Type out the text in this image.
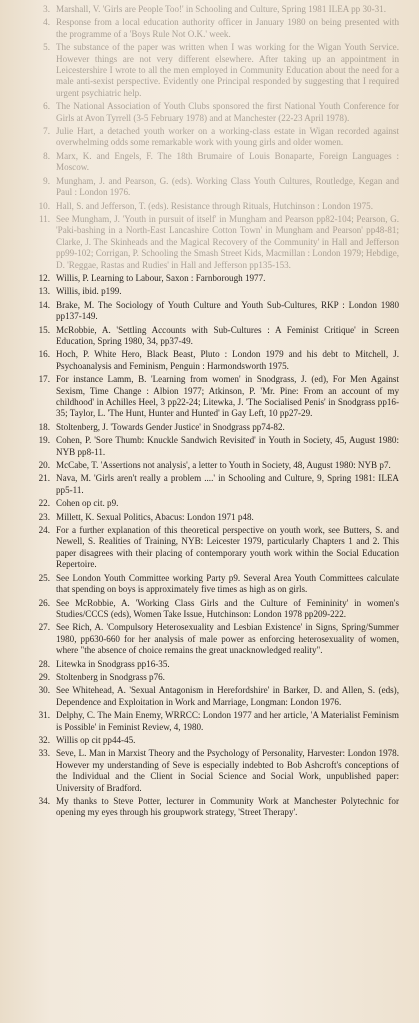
3. Marshall, V. 'Girls are People Too!' in Schooling and Culture, Spring 1981 ILEA pp 30-31.
4. Response from a local education authority officer in January 1980 on being presented with the programme of a 'Boys Rule Not O.K.' week.
5. The substance of the paper was written when I was working for the Wigan Youth Service. However things are not very different elsewhere. After taking up an appointment in Leicestershire I wrote to all the men employed in Community Education about the need for a male anti-sexist perspective. Evidently one Principal responded by suggesting that I required urgent psychiatric help.
6. The National Association of Youth Clubs sponsored the first National Youth Conference for Girls at Avon Tyrrell (3-5 February 1978) and at Manchester (22-23 April 1978).
7. Julie Hart, a detached youth worker on a working-class estate in Wigan recorded against overwhelming odds some remarkable work with young girls and older women.
8. Marx, K. and Engels, F. The 18th Brumaire of Louis Bonaparte, Foreign Languages : Moscow.
9. Mungham, J. and Pearson, G. (eds). Working Class Youth Cultures, Routledge, Kegan and Paul : London 1976.
10. Hall, S. and Jefferson, T. (eds). Resistance through Rituals, Hutchinson : London 1975.
11. See Mungham, J. 'Youth in pursuit of itself' in Mungham and Pearson pp82-104; Pearson, G. 'Paki-bashing in a North-East Lancashire Cotton Town' in Mungham and Pearson' pp48-81; Clarke, J. The Skinheads and the Magical Recovery of the Community' in Hall and Jefferson pp99-102; Corrigan, P. Schooling the Smash Street Kids, Macmillan : London 1979; Hebdige, D. 'Reggae, Rastas and Rudies' in Hall and Jefferson pp135-153.
12. Willis, P. Learning to Labour, Saxon : Farnborough 1977.
13. Willis, ibid. p199.
14. Brake, M. The Sociology of Youth Culture and Youth Sub-Cultures, RKP : London 1980 pp137-149.
15. McRobbie, A. 'Settling Accounts with Sub-Cultures : A Feminist Critique' in Screen Education, Spring 1980, 34, pp37-49.
16. Hoch, P. White Hero, Black Beast, Pluto : London 1979 and his debt to Mitchell, J. Psychoanalysis and Feminism, Penguin : Harmondsworth 1975.
17. For instance Lamm, B. 'Learning from women' in Snodgrass, J. (ed), For Men Against Sexism, Time Change : Albion 1977; Atkinson, P. 'Mr. Pine: From an account of my childhood' in Achilles Heel, 3 pp22-24; Litewka, J. 'The Socialised Penis' in Snodgrass pp16-35; Taylor, L. 'The Hunt, Hunter and Hunted' in Gay Left, 10 pp27-29.
18. Stoltenberg, J. 'Towards Gender Justice' in Snodgrass pp74-82.
19. Cohen, P. 'Sore Thumb: Knuckle Sandwich Revisited' in Youth in Society, 45, August 1980: NYB pp8-11.
20. McCabe, T. 'Assertions not analysis', a letter to Youth in Society, 48, August 1980: NYB p7.
21. Nava, M. 'Girls aren't really a problem ....' in Schooling and Culture, 9, Spring 1981: ILEA pp5-11.
22. Cohen op cit. p9.
23. Millett, K. Sexual Politics, Abacus: London 1971 p48.
24. For a further explanation of this theoretical perspective on youth work, see Butters, S. and Newell, S. Realities of Training, NYB: Leicester 1979, particularly Chapters 1 and 2. This paper disagrees with their placing of contemporary youth work within the Social Education Repertoire.
25. See London Youth Committee working Party p9. Several Area Youth Committees calculate that spending on boys is approximately five times as high as on girls.
26. See McRobbie, A. 'Working Class Girls and the Culture of Femininity' in women's Studies/CCCS (eds), Women Take Issue, Hutchinson: London 1978 pp209-222.
27. See Rich, A. 'Compulsory Heterosexuality and Lesbian Existence' in Signs, Spring/Summer 1980, pp630-660 for her analysis of male power as enforcing heterosexuality of women, where "the absence of choice remains the great unacknowledged reality".
28. Litewka in Snodgrass pp16-35.
29. Stoltenberg in Snodgrass p76.
30. See Whitehead, A. 'Sexual Antagonism in Herefordshire' in Barker, D. and Allen, S. (eds), Dependence and Exploitation in Work and Marriage, Longman: London 1976.
31. Delphy, C. The Main Enemy, WRRCC: London 1977 and her article, 'A Materialist Feminism is Possible' in Feminist Review, 4, 1980.
32. Willis op cit pp44-45.
33. Seve, L. Man in Marxist Theory and the Psychology of Personality, Harvester: London 1978. However my understanding of Seve is especially indebted to Bob Ashcroft's conceptions of the Individual and the Client in Social Science and Social Work, unpublished paper: University of Bradford.
34. My thanks to Steve Potter, lecturer in Community Work at Manchester Polytechnic for opening my eyes through his groupwork strategy, 'Street Therapy'.
